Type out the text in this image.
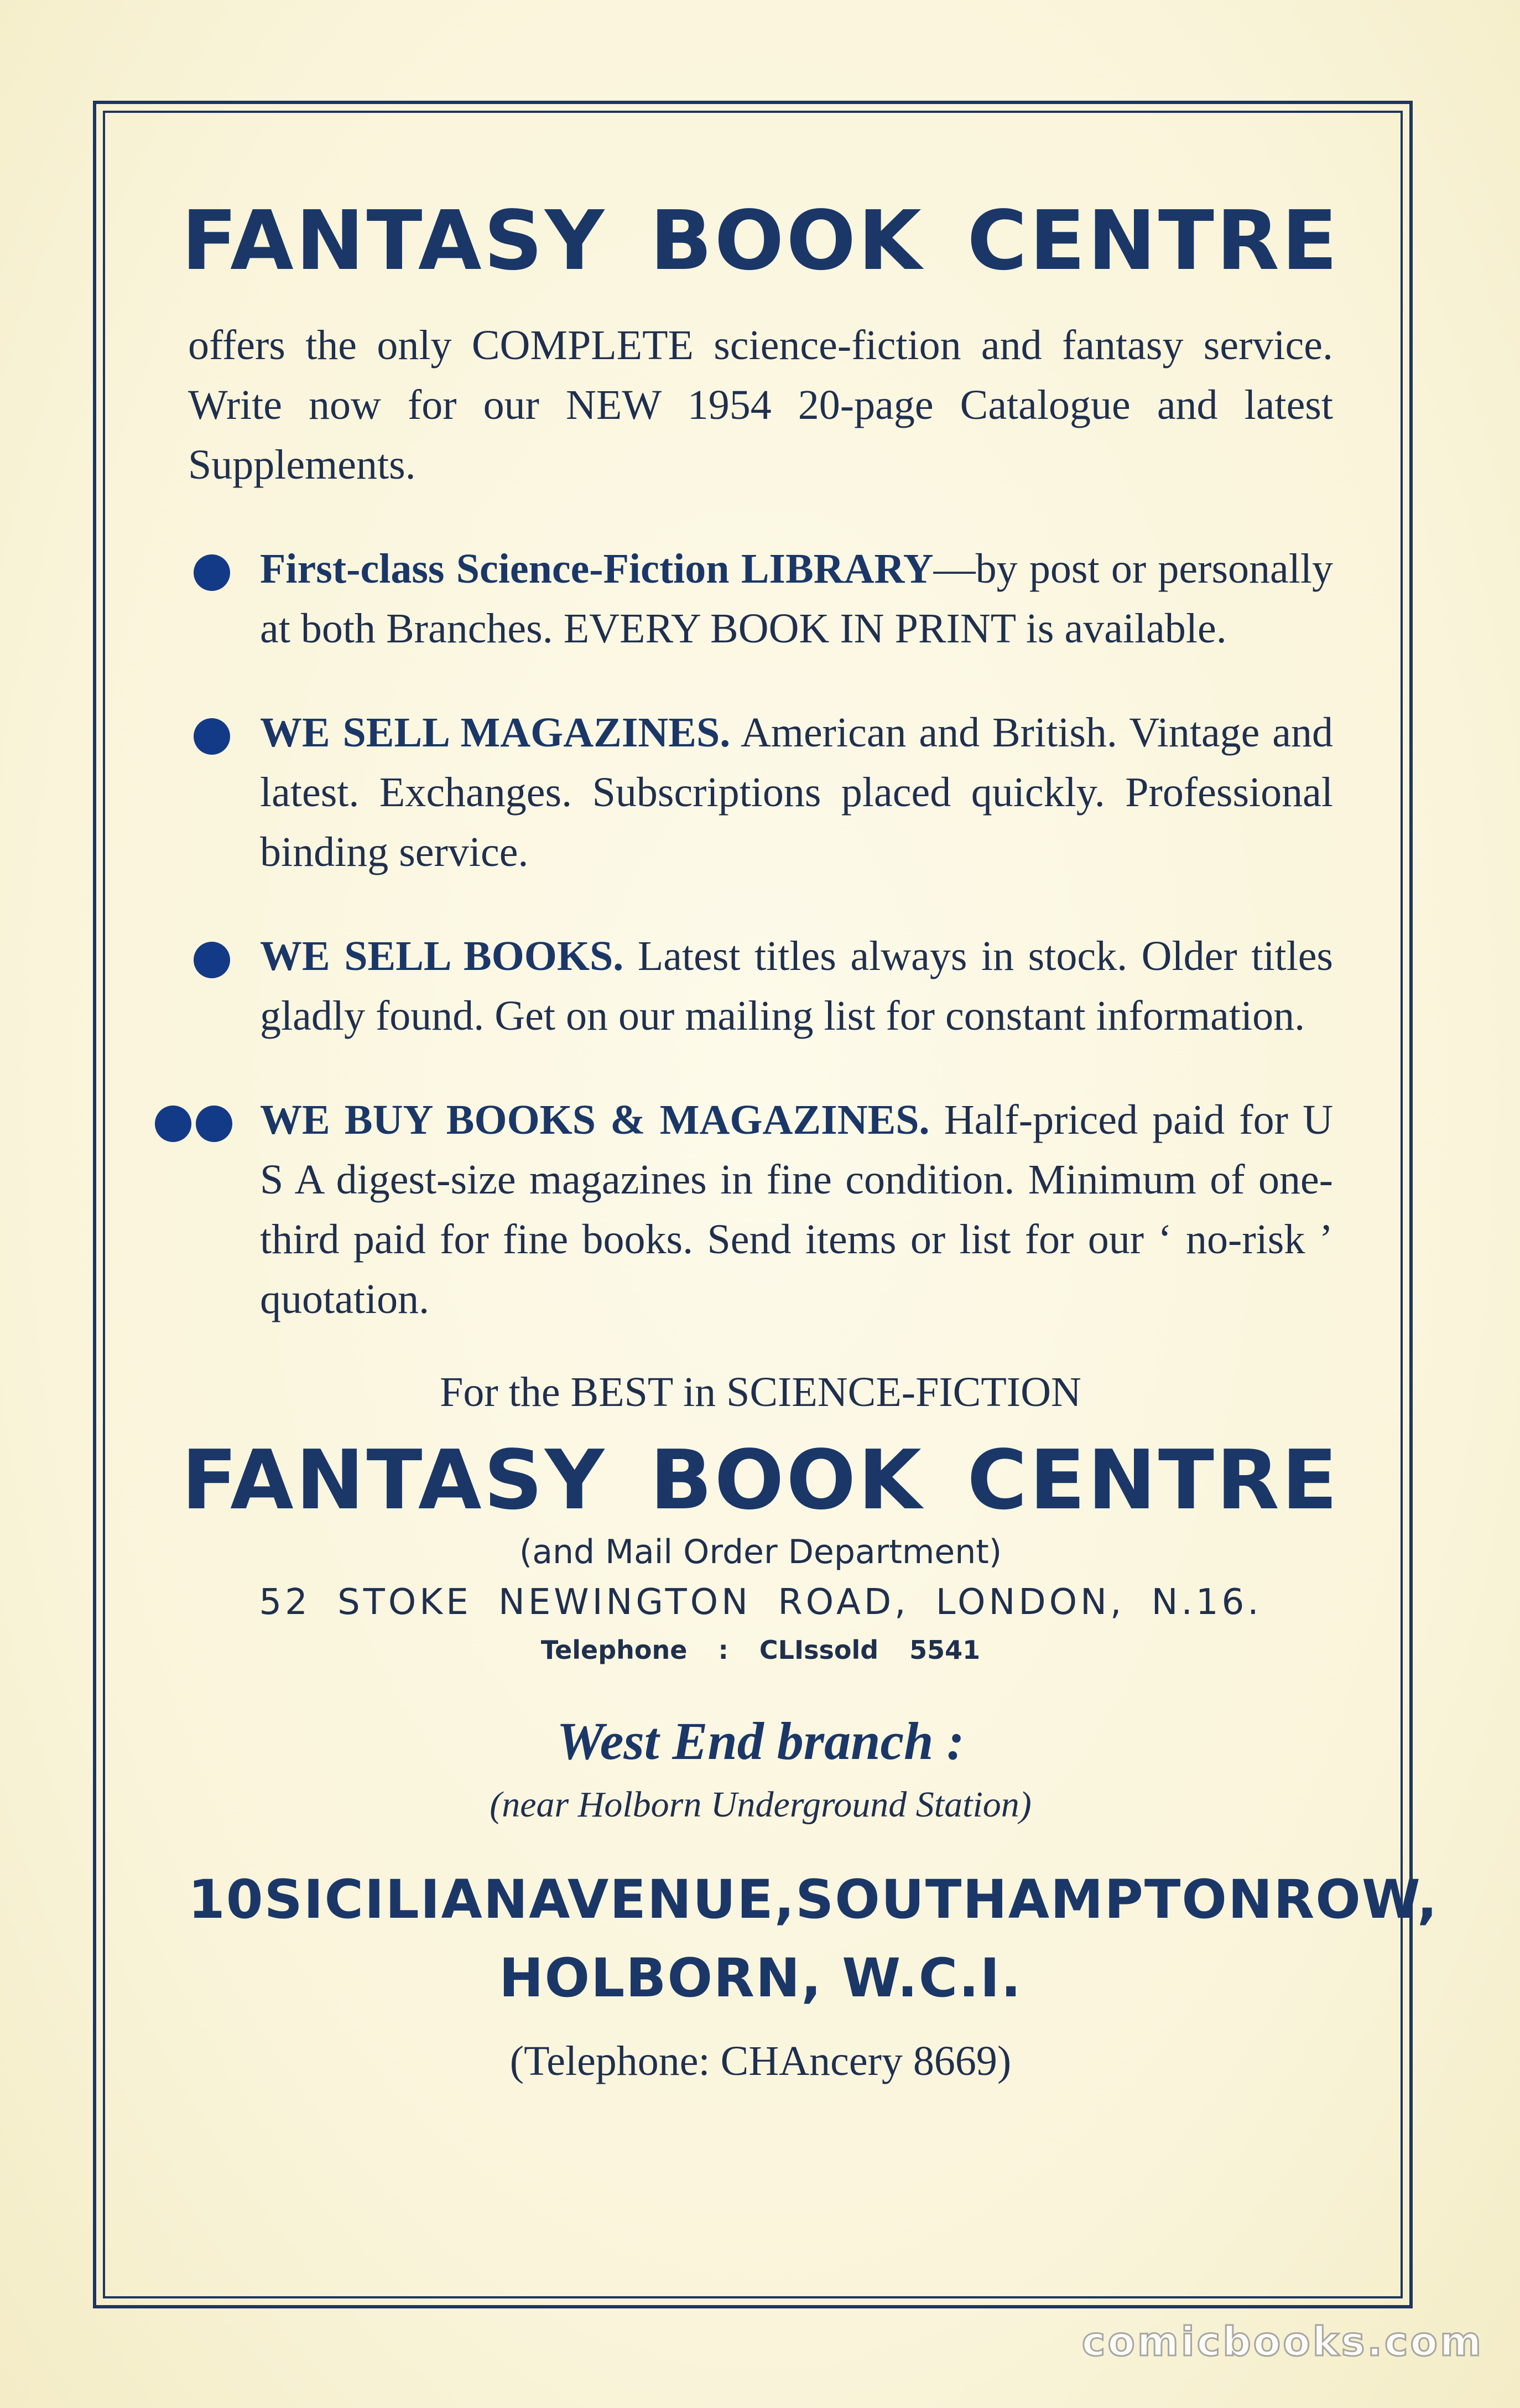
FANTASY BOOK CENTRE
offers the only COMPLETE science-fiction and fantasy service. Write now for our NEW 1954 20-page Catalogue and latest Supplements.
First-class Science-Fiction LIBRARY—by post or personally at both Branches. EVERY BOOK IN PRINT is available.
WE SELL MAGAZINES. American and British. Vintage and latest. Exchanges. Subscriptions placed quickly. Professional binding service.
WE SELL BOOKS. Latest titles always in stock. Older titles gladly found. Get on our mailing list for constant information.
WE BUY BOOKS & MAGAZINES. Half-priced paid for U S A digest-size magazines in fine condition. Minimum of one-third paid for fine books. Send items or list for our ‘ no-risk ’ quotation.
For the BEST in SCIENCE-FICTION
FANTASY BOOK CENTRE
(and Mail Order Department)
52 STOKE NEWINGTON ROAD, LONDON, N.16.
Telephone : CLIssold 5541
West End branch :
(near Holborn Underground Station)
10 SICILIAN AVENUE, SOUTHAMPTON ROW,
HOLBORN, W.C.I.
(Telephone: CHAncery 8669)
comicbooks.com
